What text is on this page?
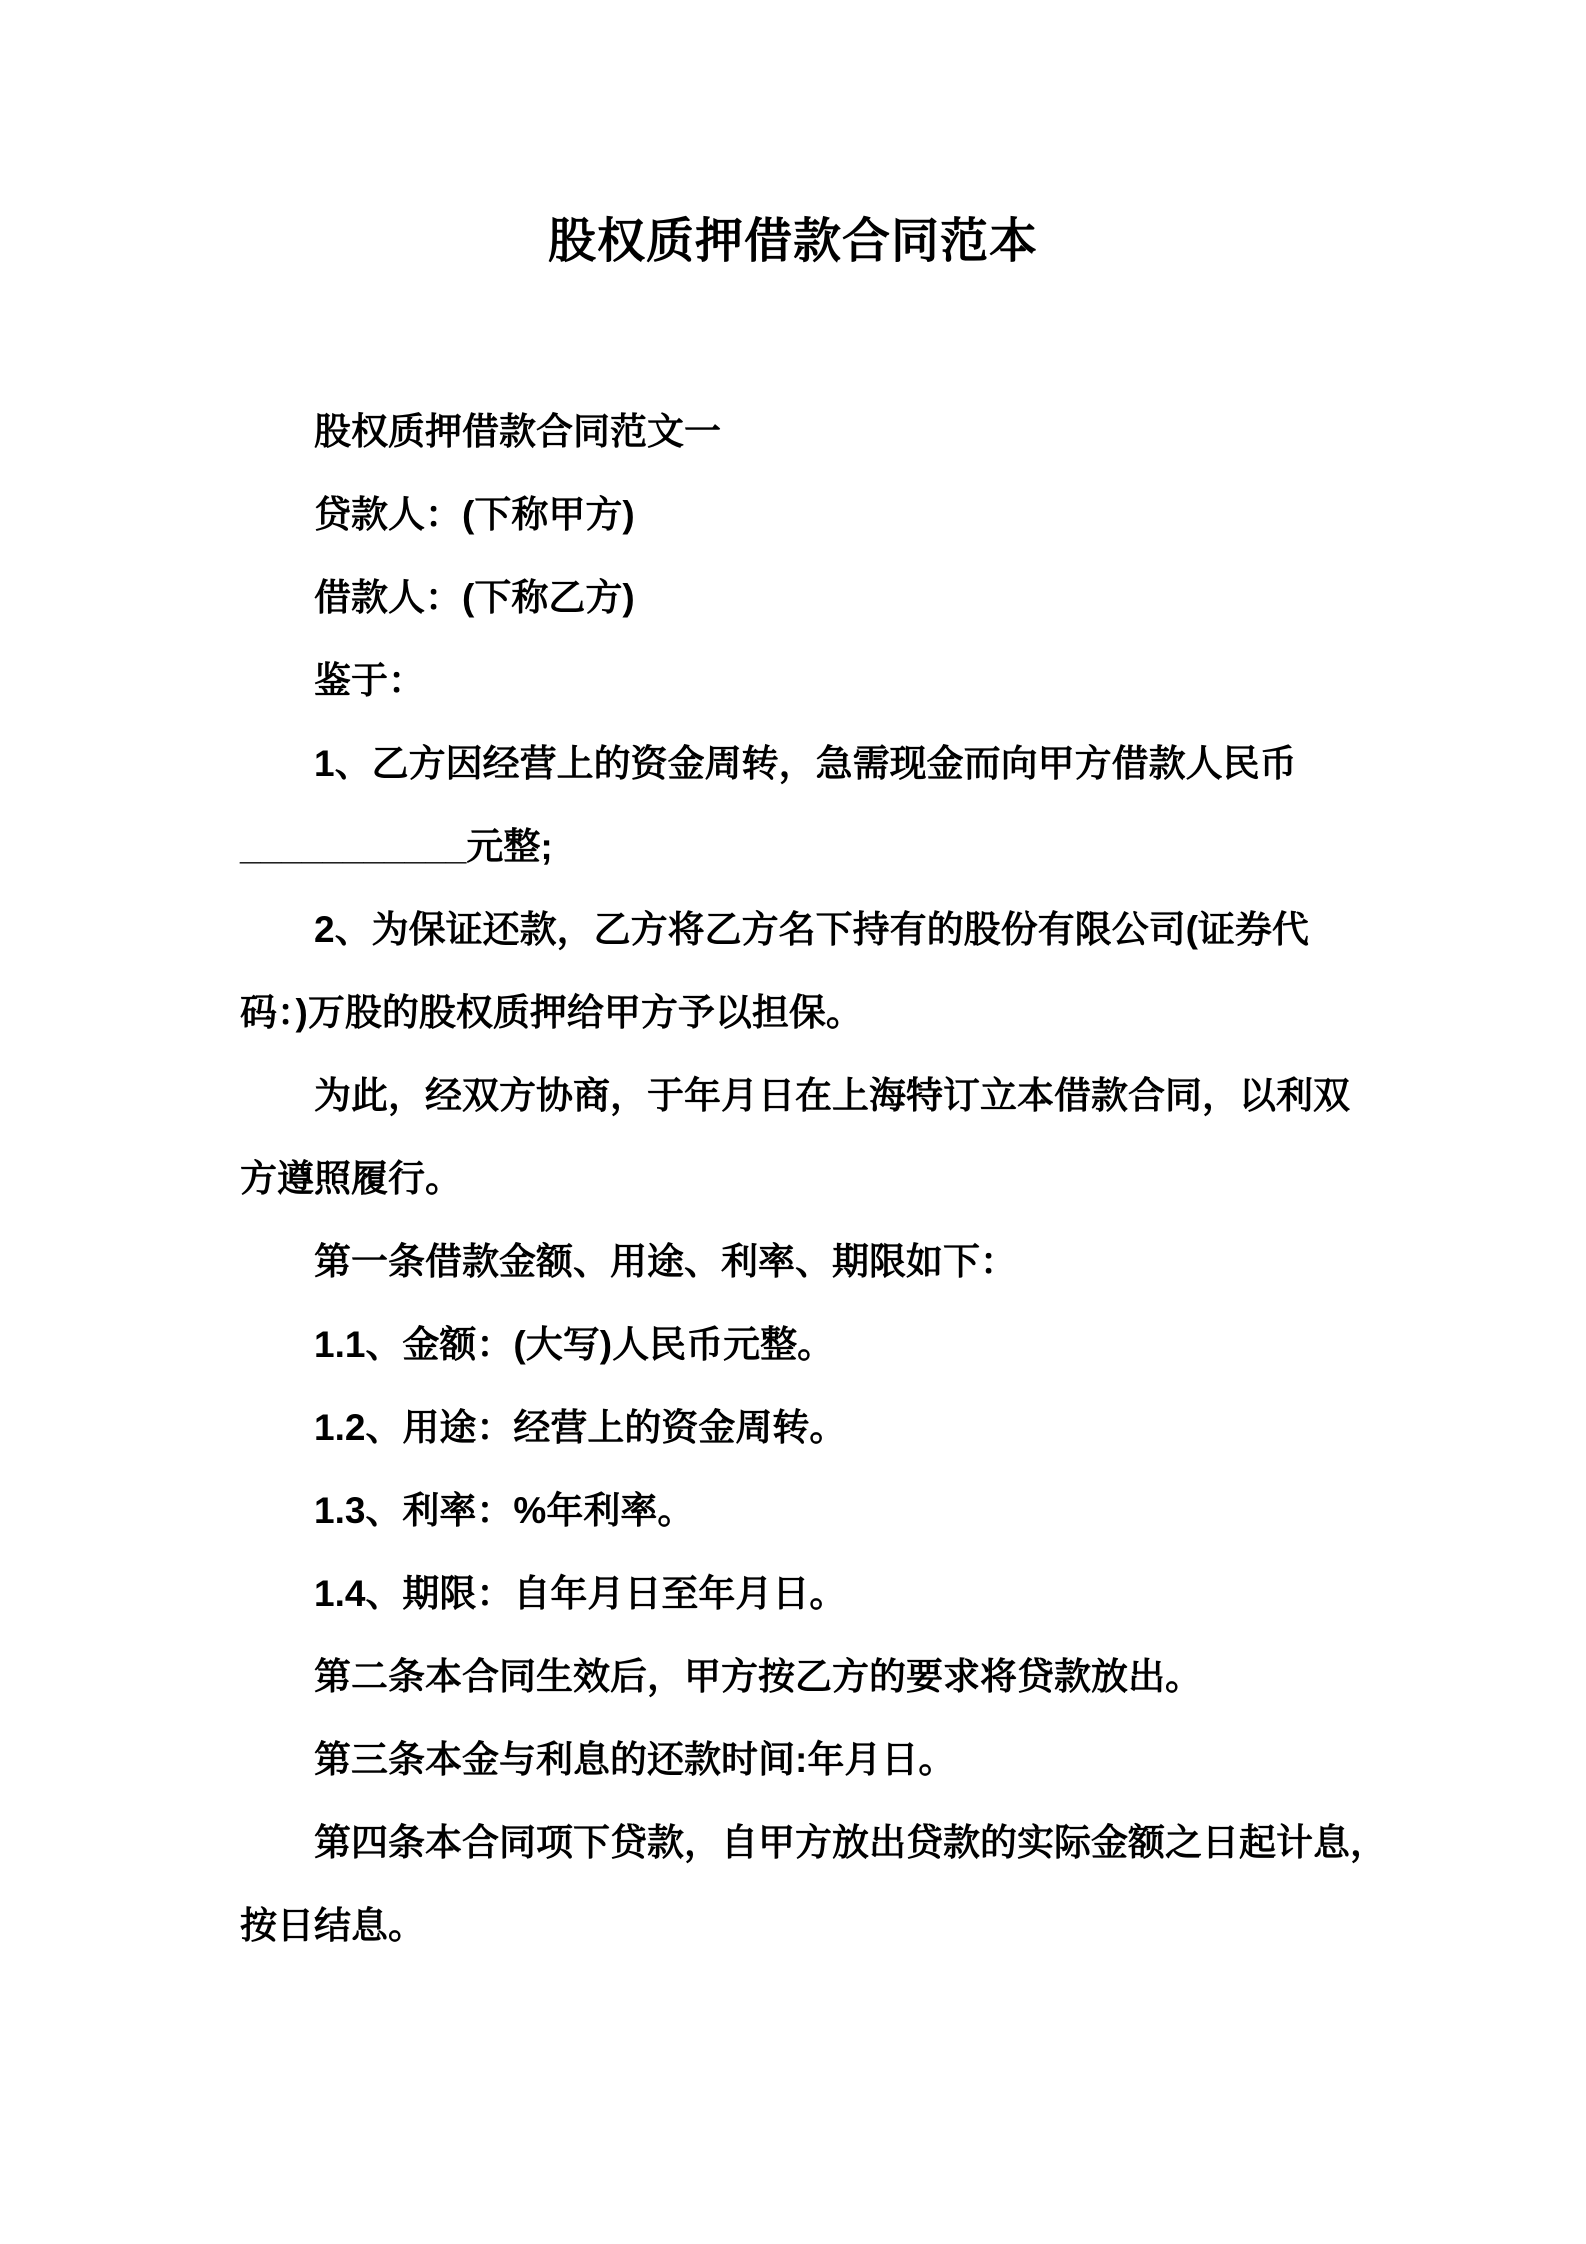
股权质押借款合同范本
股权质押借款合同范文一
贷款人：(下称甲方)
借款人：(下称乙方)
鉴于：
1、乙方因经营上的资金周转，急需现金而向甲方借款人民币
___________元整;
2、为保证还款，乙方将乙方名下持有的股份有限公司(证券代
码：)万股的股权质押给甲方予以担保。
为此，经双方协商，于年月日在上海特订立本借款合同，以利双
方遵照履行。
第一条借款金额、用途、利率、期限如下：
1.1、金额：(大写)人民币元整。
1.2、用途：经营上的资金周转。
1.3、利率：%年利率。
1.4、期限：自年月日至年月日。
第二条本合同生效后，甲方按乙方的要求将贷款放出。
第三条本金与利息的还款时间:年月日。
第四条本合同项下贷款，自甲方放出贷款的实际金额之日起计息，
按日结息。
